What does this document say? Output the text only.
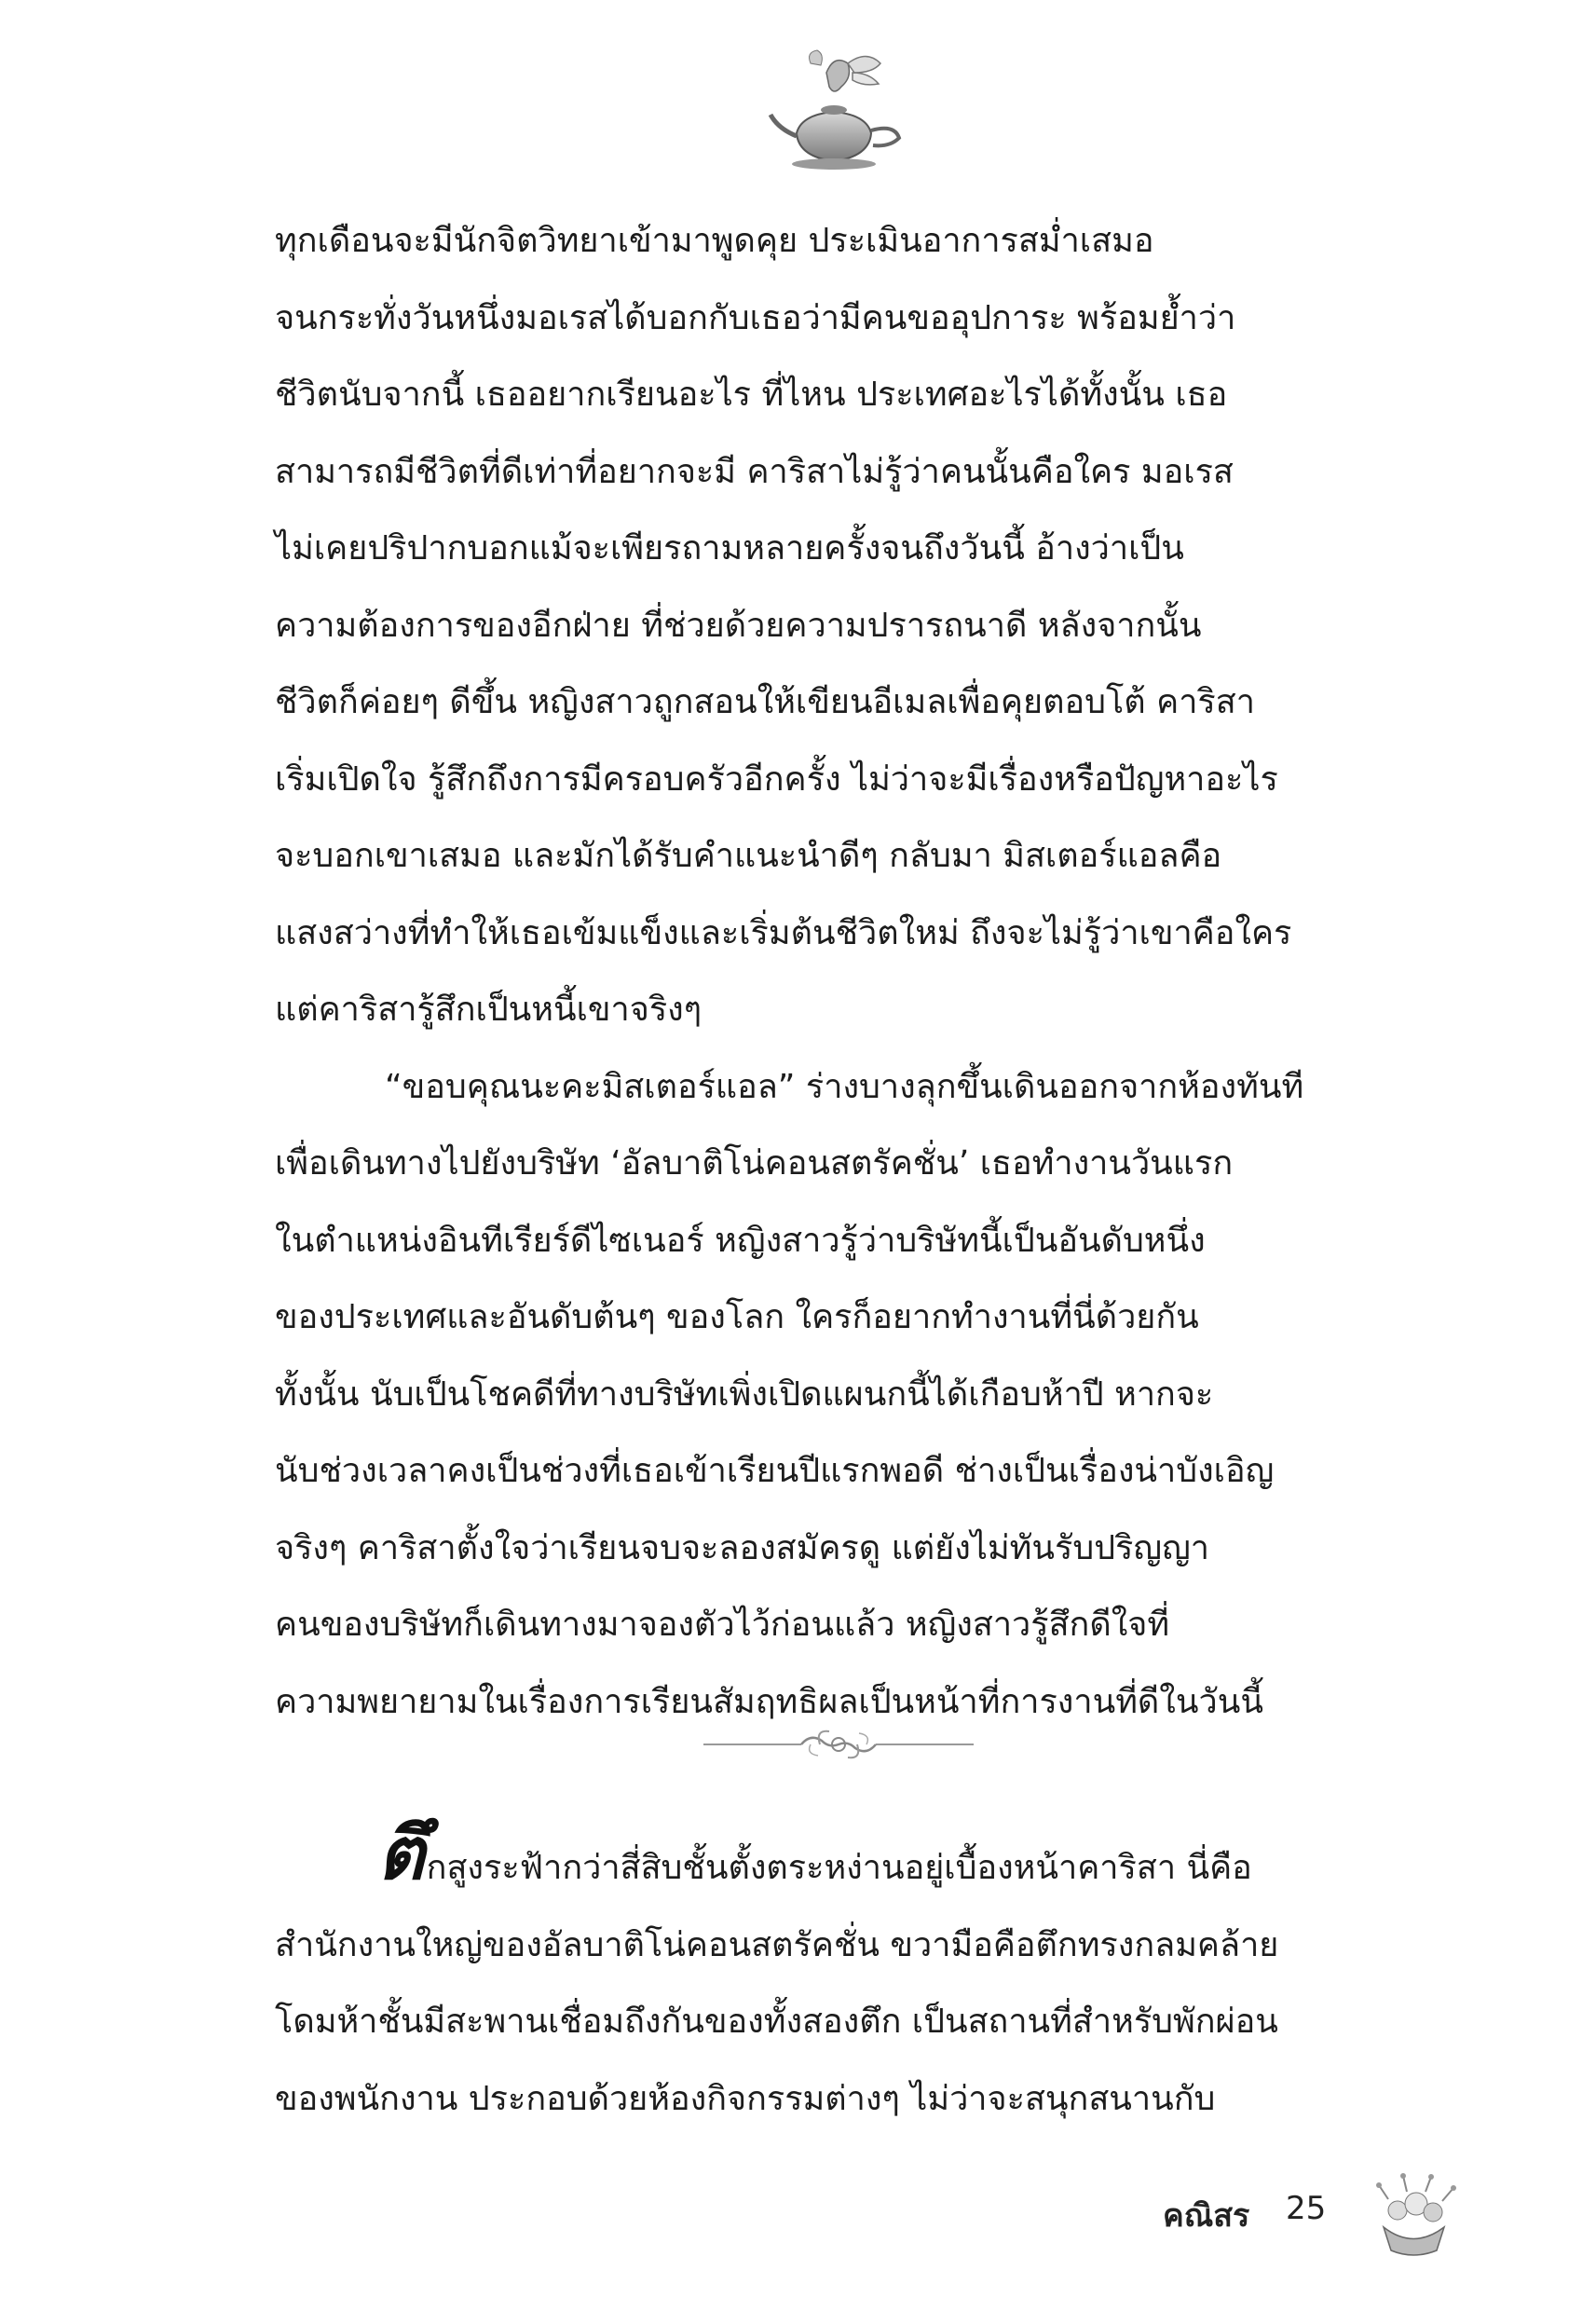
ทุกเดือนจะมีนักจิตวิทยาเข้ามาพูดคุย ประเมินอาการสม่ำเสมอ
จนกระทั่งวันหนึ่งมอเรสได้บอกกับเธอว่ามีคนขออุปการะ พร้อมย้ำว่า
ชีวิตนับจากนี้ เธออยากเรียนอะไร ที่ไหน ประเทศอะไรได้ทั้งนั้น เธอ
สามารถมีชีวิตที่ดีเท่าที่อยากจะมี คาริสาไม่รู้ว่าคนนั้นคือใคร มอเรส
ไม่เคยปริปากบอกแม้จะเพียรถามหลายครั้งจนถึงวันนี้ อ้างว่าเป็น
ความต้องการของอีกฝ่าย ที่ช่วยด้วยความปรารถนาดี หลังจากนั้น
ชีวิตก็ค่อยๆ ดีขึ้น หญิงสาวถูกสอนให้เขียนอีเมลเพื่อคุยตอบโต้ คาริสา
เริ่มเปิดใจ รู้สึกถึงการมีครอบครัวอีกครั้ง ไม่ว่าจะมีเรื่องหรือปัญหาอะไร
จะบอกเขาเสมอ และมักได้รับคำแนะนำดีๆ กลับมา มิสเตอร์แอลคือ
แสงสว่างที่ทำให้เธอเข้มแข็งและเริ่มต้นชีวิตใหม่ ถึงจะไม่รู้ว่าเขาคือใคร
แต่คาริสารู้สึกเป็นหนี้เขาจริงๆ

“ขอบคุณนะคะมิสเตอร์แอล” ร่างบางลุกขึ้นเดินออกจากห้องทันที
เพื่อเดินทางไปยังบริษัท ‘อัลบาติโน่คอนสตรัคชั่น’ เธอทำงานวันแรก
ในตำแหน่งอินทีเรียร์ดีไซเนอร์ หญิงสาวรู้ว่าบริษัทนี้เป็นอันดับหนึ่ง
ของประเทศและอันดับต้นๆ ของโลก ใครก็อยากทำงานที่นี่ด้วยกัน
ทั้งนั้น นับเป็นโชคดีที่ทางบริษัทเพิ่งเปิดแผนกนี้ได้เกือบห้าปี หากจะ
นับช่วงเวลาคงเป็นช่วงที่เธอเข้าเรียนปีแรกพอดี ช่างเป็นเรื่องน่าบังเอิญ
จริงๆ คาริสาตั้งใจว่าเรียนจบจะลองสมัครดู แต่ยังไม่ทันรับปริญญา
คนของบริษัทก็เดินทางมาจองตัวไว้ก่อนแล้ว หญิงสาวรู้สึกดีใจที่
ความพยายามในเรื่องการเรียนสัมฤทธิผลเป็นหน้าที่การงานที่ดีในวันนี้

ตึกสูงระฟ้ากว่าสี่สิบชั้นตั้งตระหง่านอยู่เบื้องหน้าคาริสา นี่คือ
สำนักงานใหญ่ของอัลบาติโน่คอนสตรัคชั่น ขวามือคือตึกทรงกลมคล้าย
โดมห้าชั้นมีสะพานเชื่อมถึงกันของทั้งสองตึก เป็นสถานที่สำหรับพักผ่อน
ของพนักงาน ประกอบด้วยห้องกิจกรรมต่างๆ ไม่ว่าจะสนุกสนานกับ

คณิสร 25
